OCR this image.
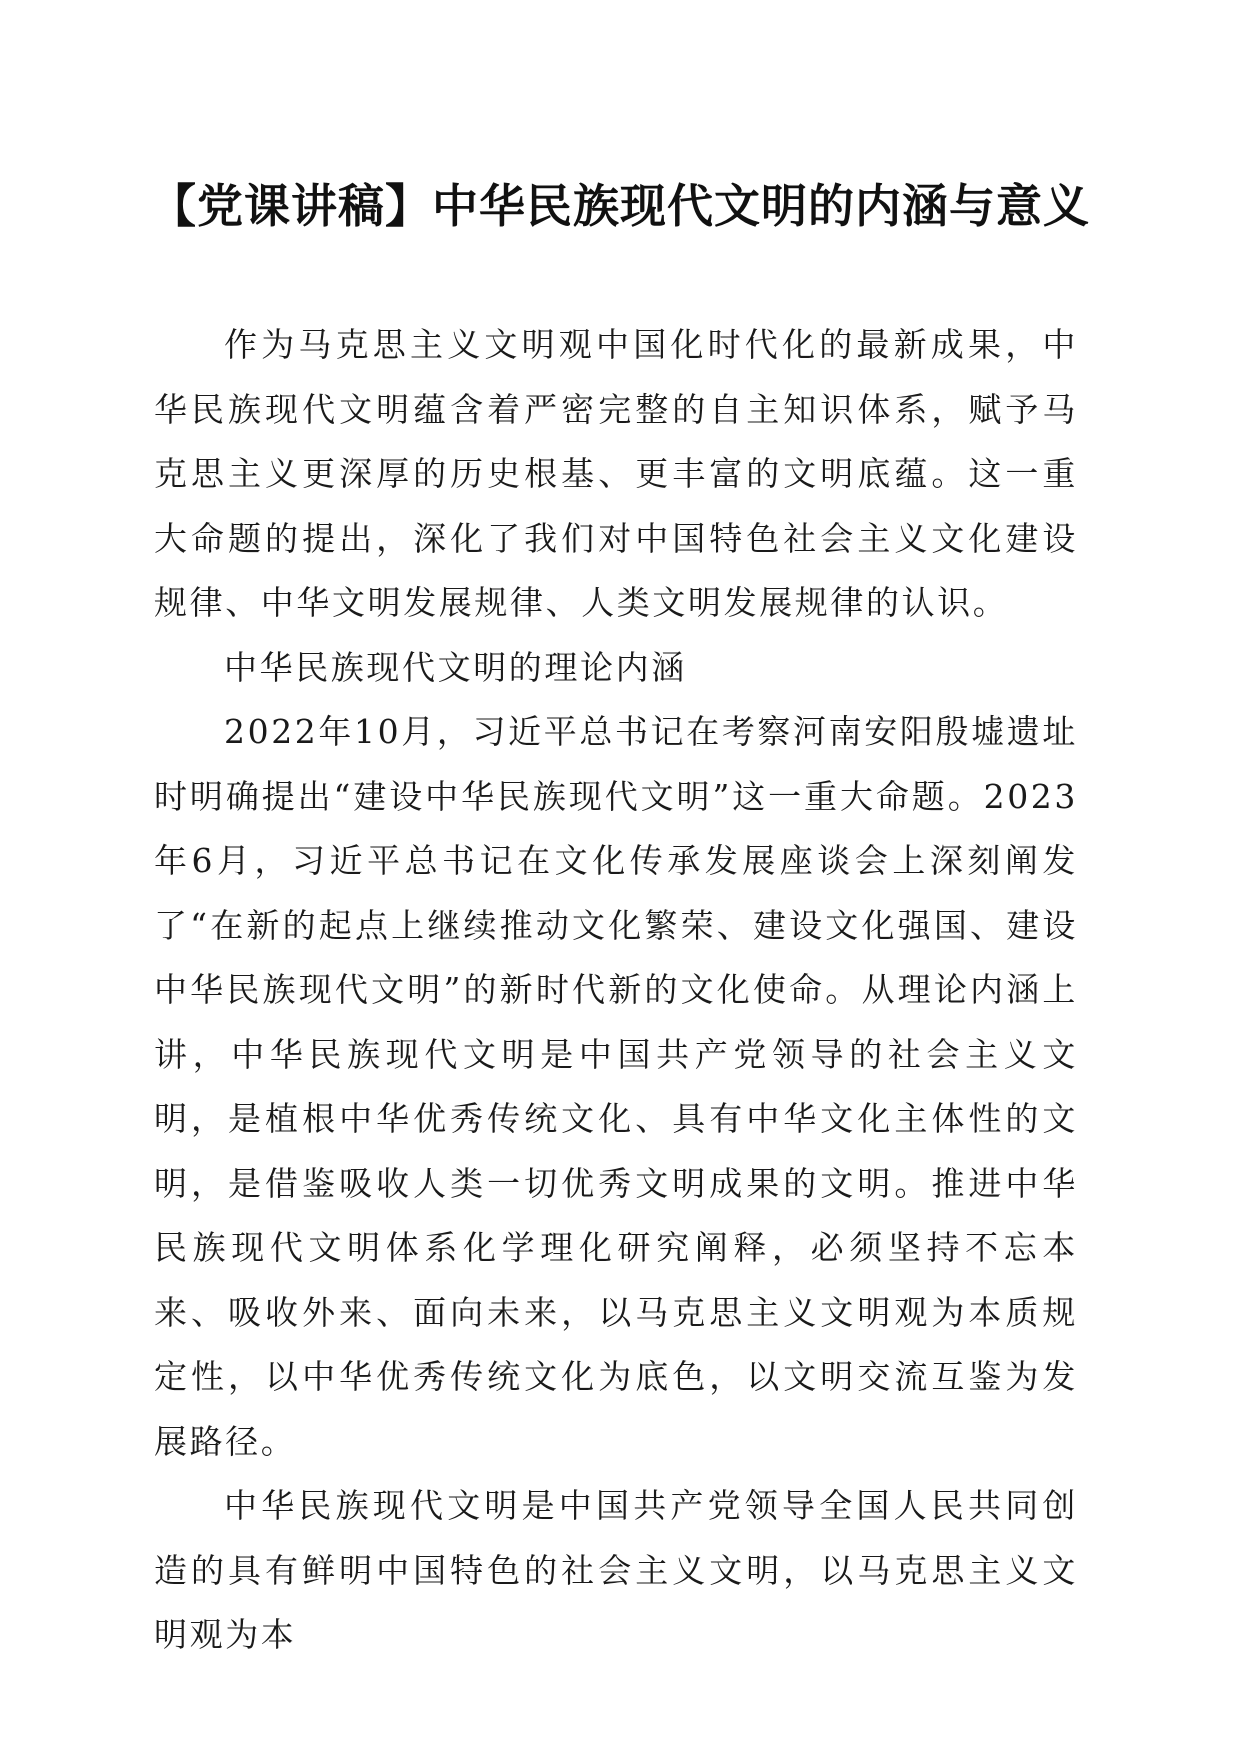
【党课讲稿】中华民族现代文明的内涵与意义

作为马克思主义文明观中国化时代化的最新成果，中华民族现代文明蕴含着严密完整的自主知识体系，赋予马克思主义更深厚的历史根基、更丰富的文明底蕴。这一重大命题的提出，深化了我们对中国特色社会主义文化建设规律、中华文明发展规律、人类文明发展规律的认识。

中华民族现代文明的理论内涵

2022年10月，习近平总书记在考察河南安阳殷墟遗址时明确提出“建设中华民族现代文明”这一重大命题。2023年6月，习近平总书记在文化传承发展座谈会上深刻阐发了“在新的起点上继续推动文化繁荣、建设文化强国、建设中华民族现代文明”的新时代新的文化使命。从理论内涵上讲，中华民族现代文明是中国共产党领导的社会主义文明，是植根中华优秀传统文化、具有中华文化主体性的文明，是借鉴吸收人类一切优秀文明成果的文明。推进中华民族现代文明体系化学理化研究阐释，必须坚持不忘本来、吸收外来、面向未来，以马克思主义文明观为本质规定性，以中华优秀传统文化为底色，以文明交流互鉴为发展路径。

中华民族现代文明是中国共产党领导全国人民共同创造的具有鲜明中国特色的社会主义文明，以马克思主义文明观为本
